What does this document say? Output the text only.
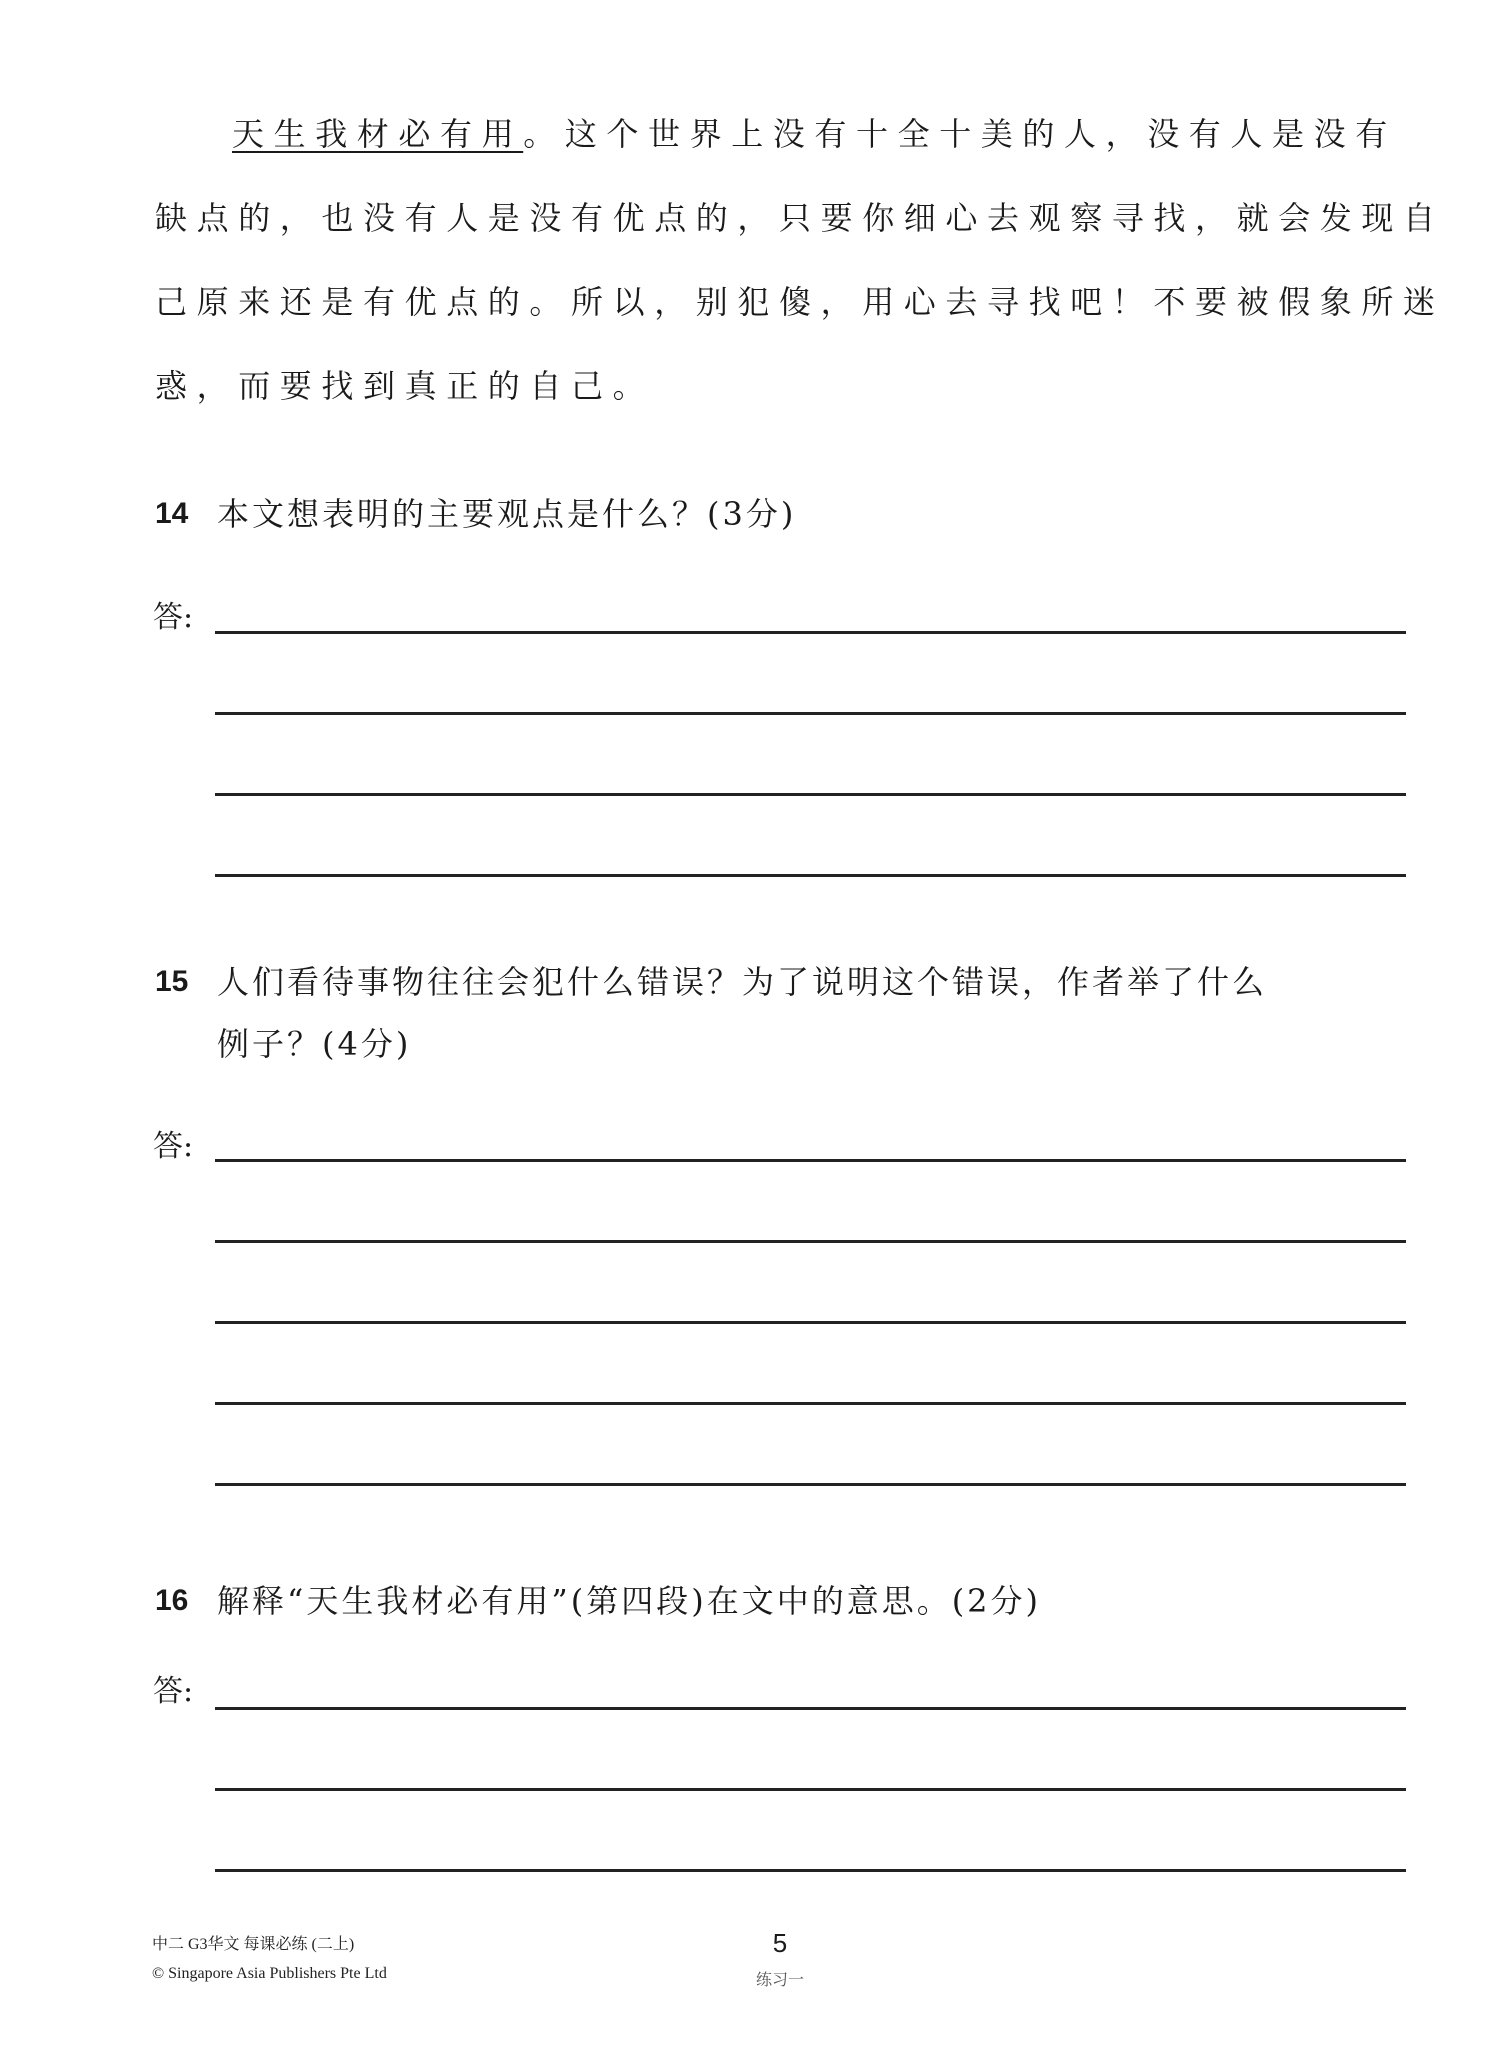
天生我材必有用。这个世界上没有十全十美的人，没有人是没有
缺点的，也没有人是没有优点的，只要你细心去观察寻找，就会发现自
己原来还是有优点的。所以，别犯傻，用心去寻找吧！不要被假象所迷
惑，而要找到真正的自己。
14 本文想表明的主要观点是什么？(3分)
答:
15 人们看待事物往往会犯什么错误？为了说明这个错误，作者举了什么
例子？(4分)
答:
16 解释“天生我材必有用”(第四段)在文中的意思。(2分)
答:
中二 G3华文 每课必练 (二上)
© Singapore Asia Publishers Pte Ltd
5
练习一
